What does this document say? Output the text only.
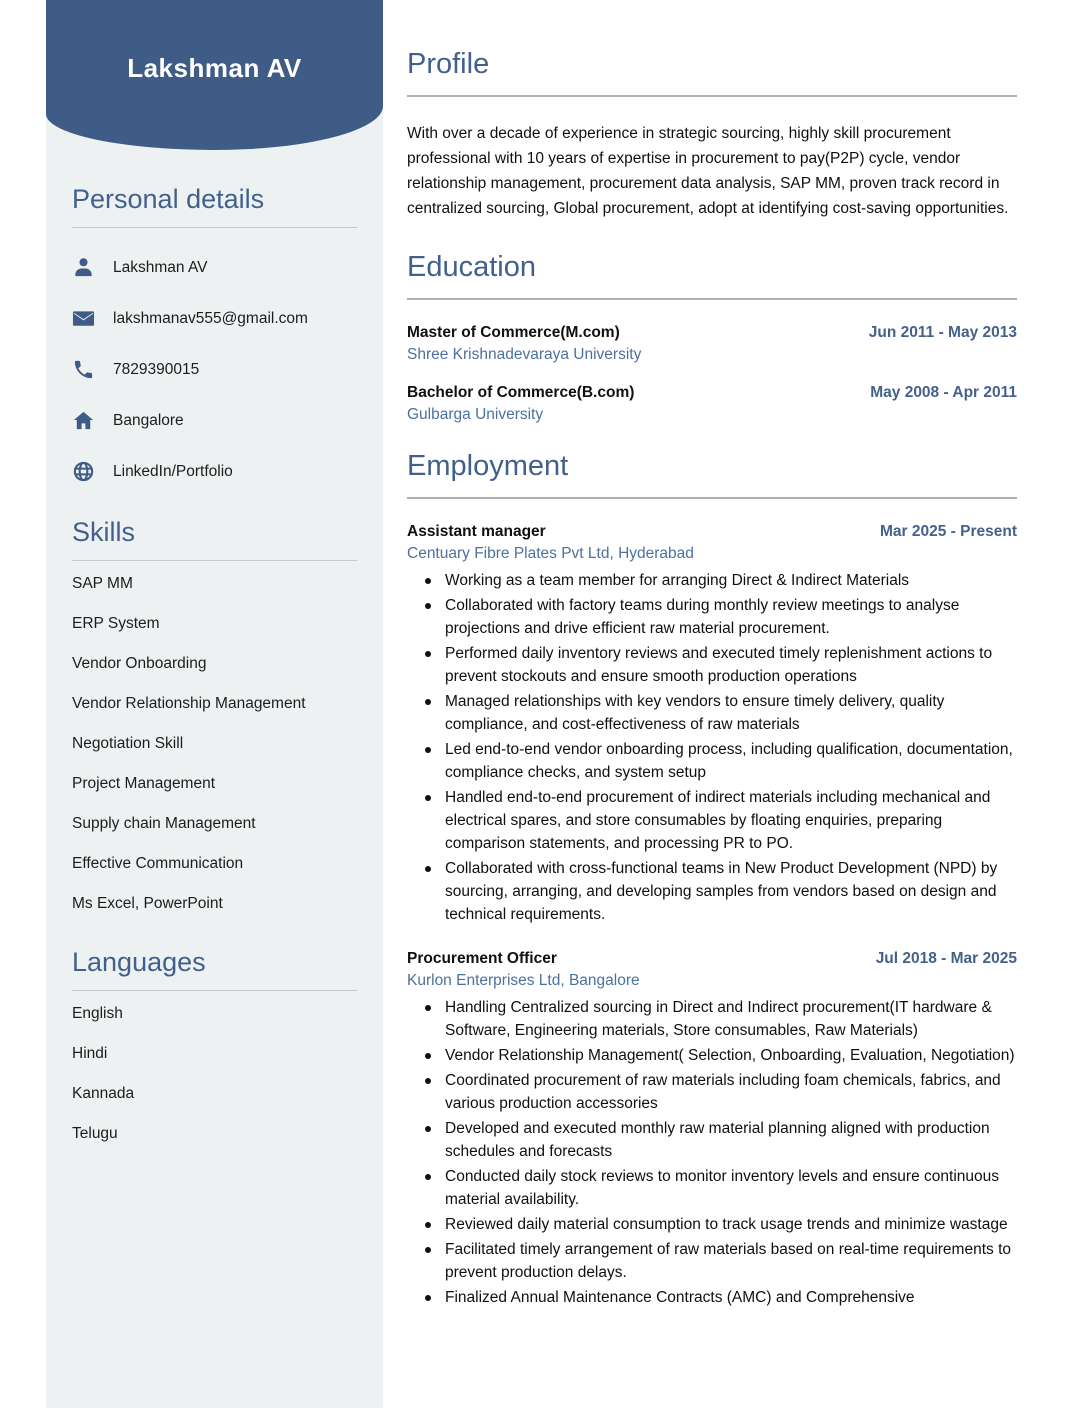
Lakshman AV
Personal details
Lakshman AV
lakshmanav555@gmail.com
7829390015
Bangalore
LinkedIn/Portfolio
Skills
SAP MM
ERP System
Vendor Onboarding
Vendor Relationship Management
Negotiation Skill
Project Management
Supply chain Management
Effective Communication
Ms Excel, PowerPoint
Languages
English
Hindi
Kannada
Telugu
Profile

With over a decade of experience in strategic sourcing, highly skill procurement professional with 10 years of expertise in procurement to pay(P2P) cycle, vendor relationship management, procurement data analysis, SAP MM, proven track record in centralized sourcing, Global procurement, adopt at identifying cost-saving opportunities.

Education
Master of Commerce(M.com)	Jun 2011 - May 2013
Shree Krishnadevaraya University
Bachelor of Commerce(B.com)	May 2008 - Apr 2011
Gulbarga University
Employment
Assistant manager	Mar 2025 - Present
Centuary Fibre Plates Pvt Ltd, Hyderabad
Working as a team member for arranging Direct & Indirect Materials
Collaborated with factory teams during monthly review meetings to analyse projections and drive efficient raw material procurement.
Performed daily inventory reviews and executed timely replenishment actions to prevent stockouts and ensure smooth production operations
Managed relationships with key vendors to ensure timely delivery, quality compliance, and cost-effectiveness of raw materials
Led end-to-end vendor onboarding process, including qualification, documentation, compliance checks, and system setup
Handled end-to-end procurement of indirect materials including mechanical and electrical spares, and store consumables by floating enquiries, preparing comparison statements, and processing PR to PO.
Collaborated with cross-functional teams in New Product Development (NPD) by sourcing, arranging, and developing samples from vendors based on design and technical requirements.
Procurement Officer	Jul 2018 - Mar 2025
Kurlon Enterprises Ltd, Bangalore
Handling Centralized sourcing in Direct and Indirect procurement(IT hardware & Software, Engineering materials, Store consumables, Raw Materials)
Vendor Relationship Management( Selection, Onboarding, Evaluation, Negotiation)
Coordinated procurement of raw materials including foam chemicals, fabrics, and various production accessories
Developed and executed monthly raw material planning aligned with production schedules and forecasts
Conducted daily stock reviews to monitor inventory levels and ensure continuous material availability.
Reviewed daily material consumption to track usage trends and minimize wastage
Facilitated timely arrangement of raw materials based on real-time requirements to prevent production delays.
Finalized Annual Maintenance Contracts (AMC) and Comprehensive
